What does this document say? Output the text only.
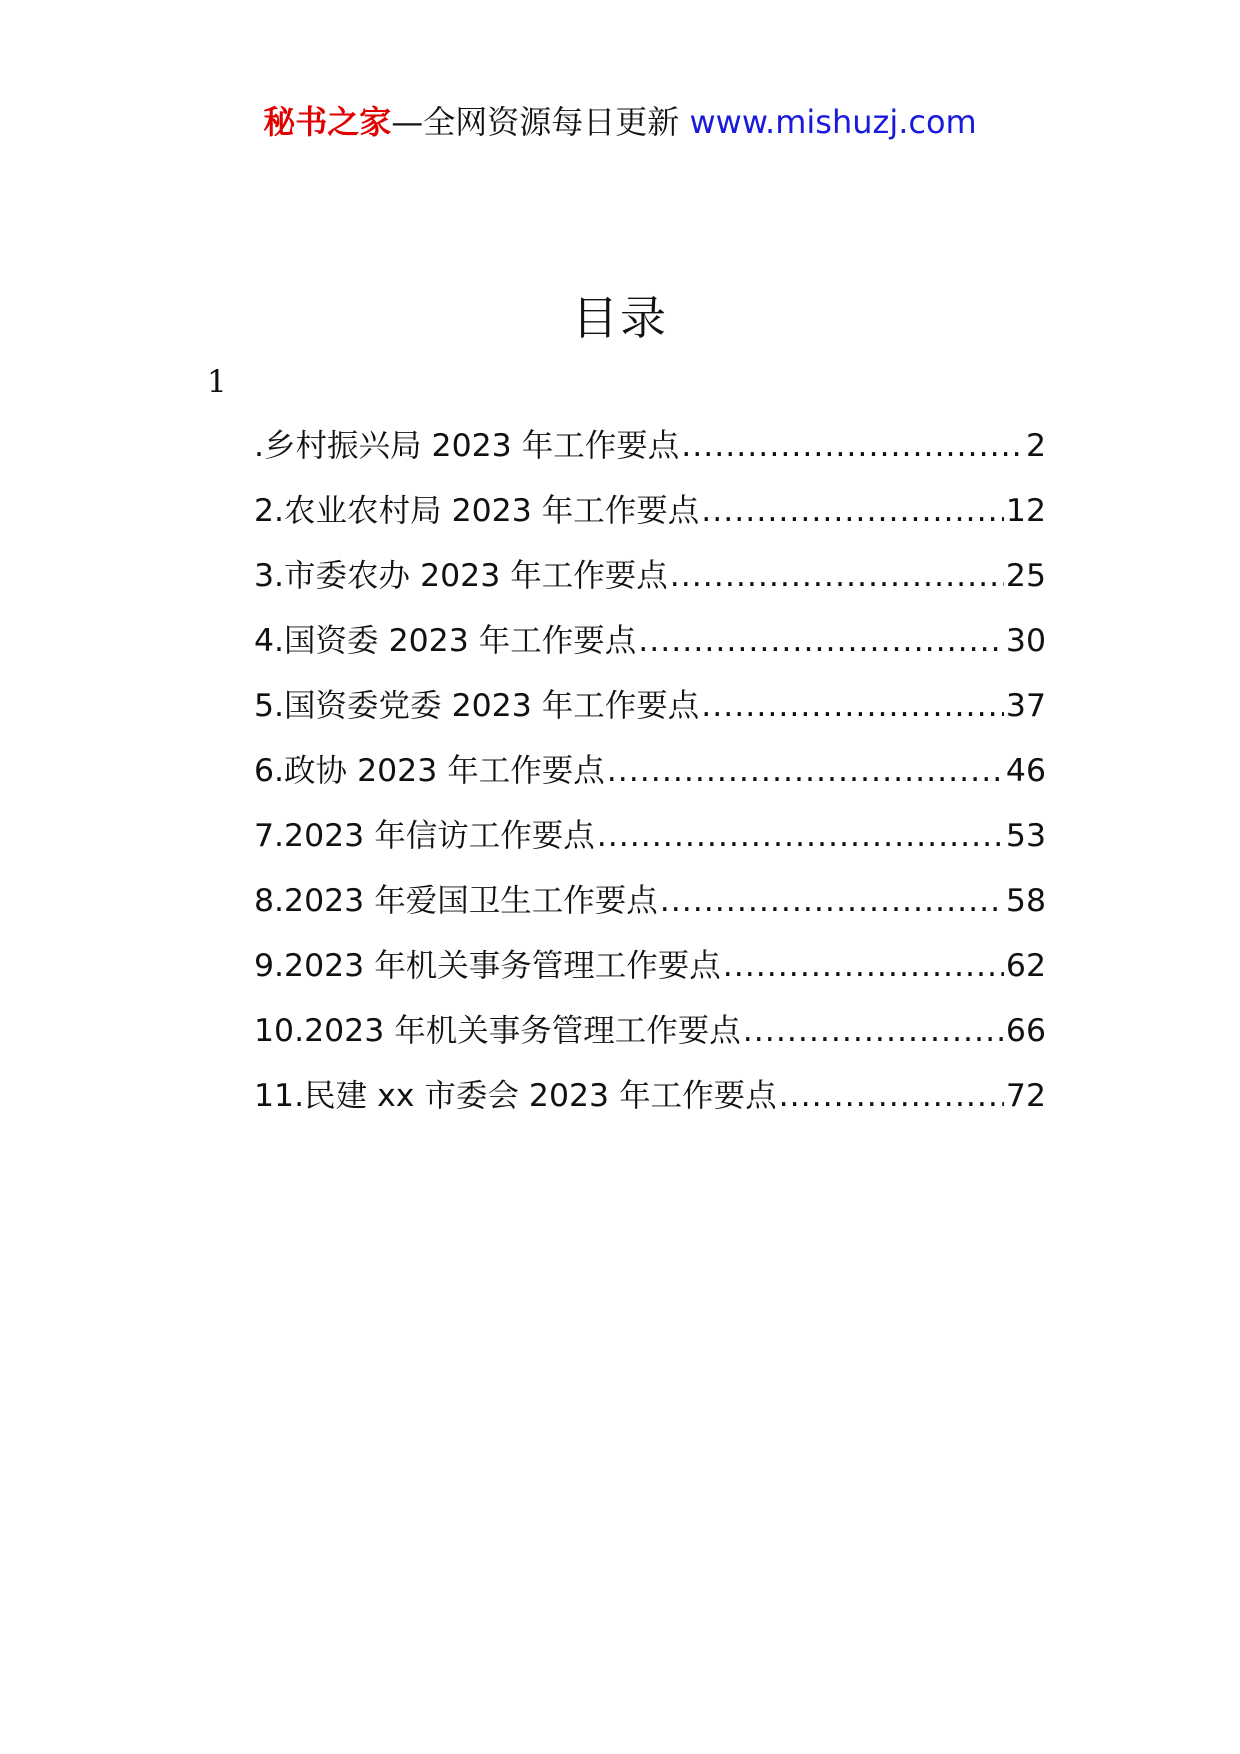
秘书之家—全网资源每日更新 www.mishuzj.com
目录
1
.乡村振兴局 2023 年工作要点 .....	2
2.农业农村局 2023 年工作要点 .....	12
3.市委农办 2023 年工作要点 .....	25
4.国资委 2023 年工作要点 .....	30
5.国资委党委 2023 年工作要点 .....	37
6.政协 2023 年工作要点 .....	46
7.2023 年信访工作要点 .....	53
8.2023 年爱国卫生工作要点 .....	58
9.2023 年机关事务管理工作要点 .....	62
10.2023 年机关事务管理工作要点 .....	66
11.民建 xx 市委会 2023 年工作要点 .....	72
